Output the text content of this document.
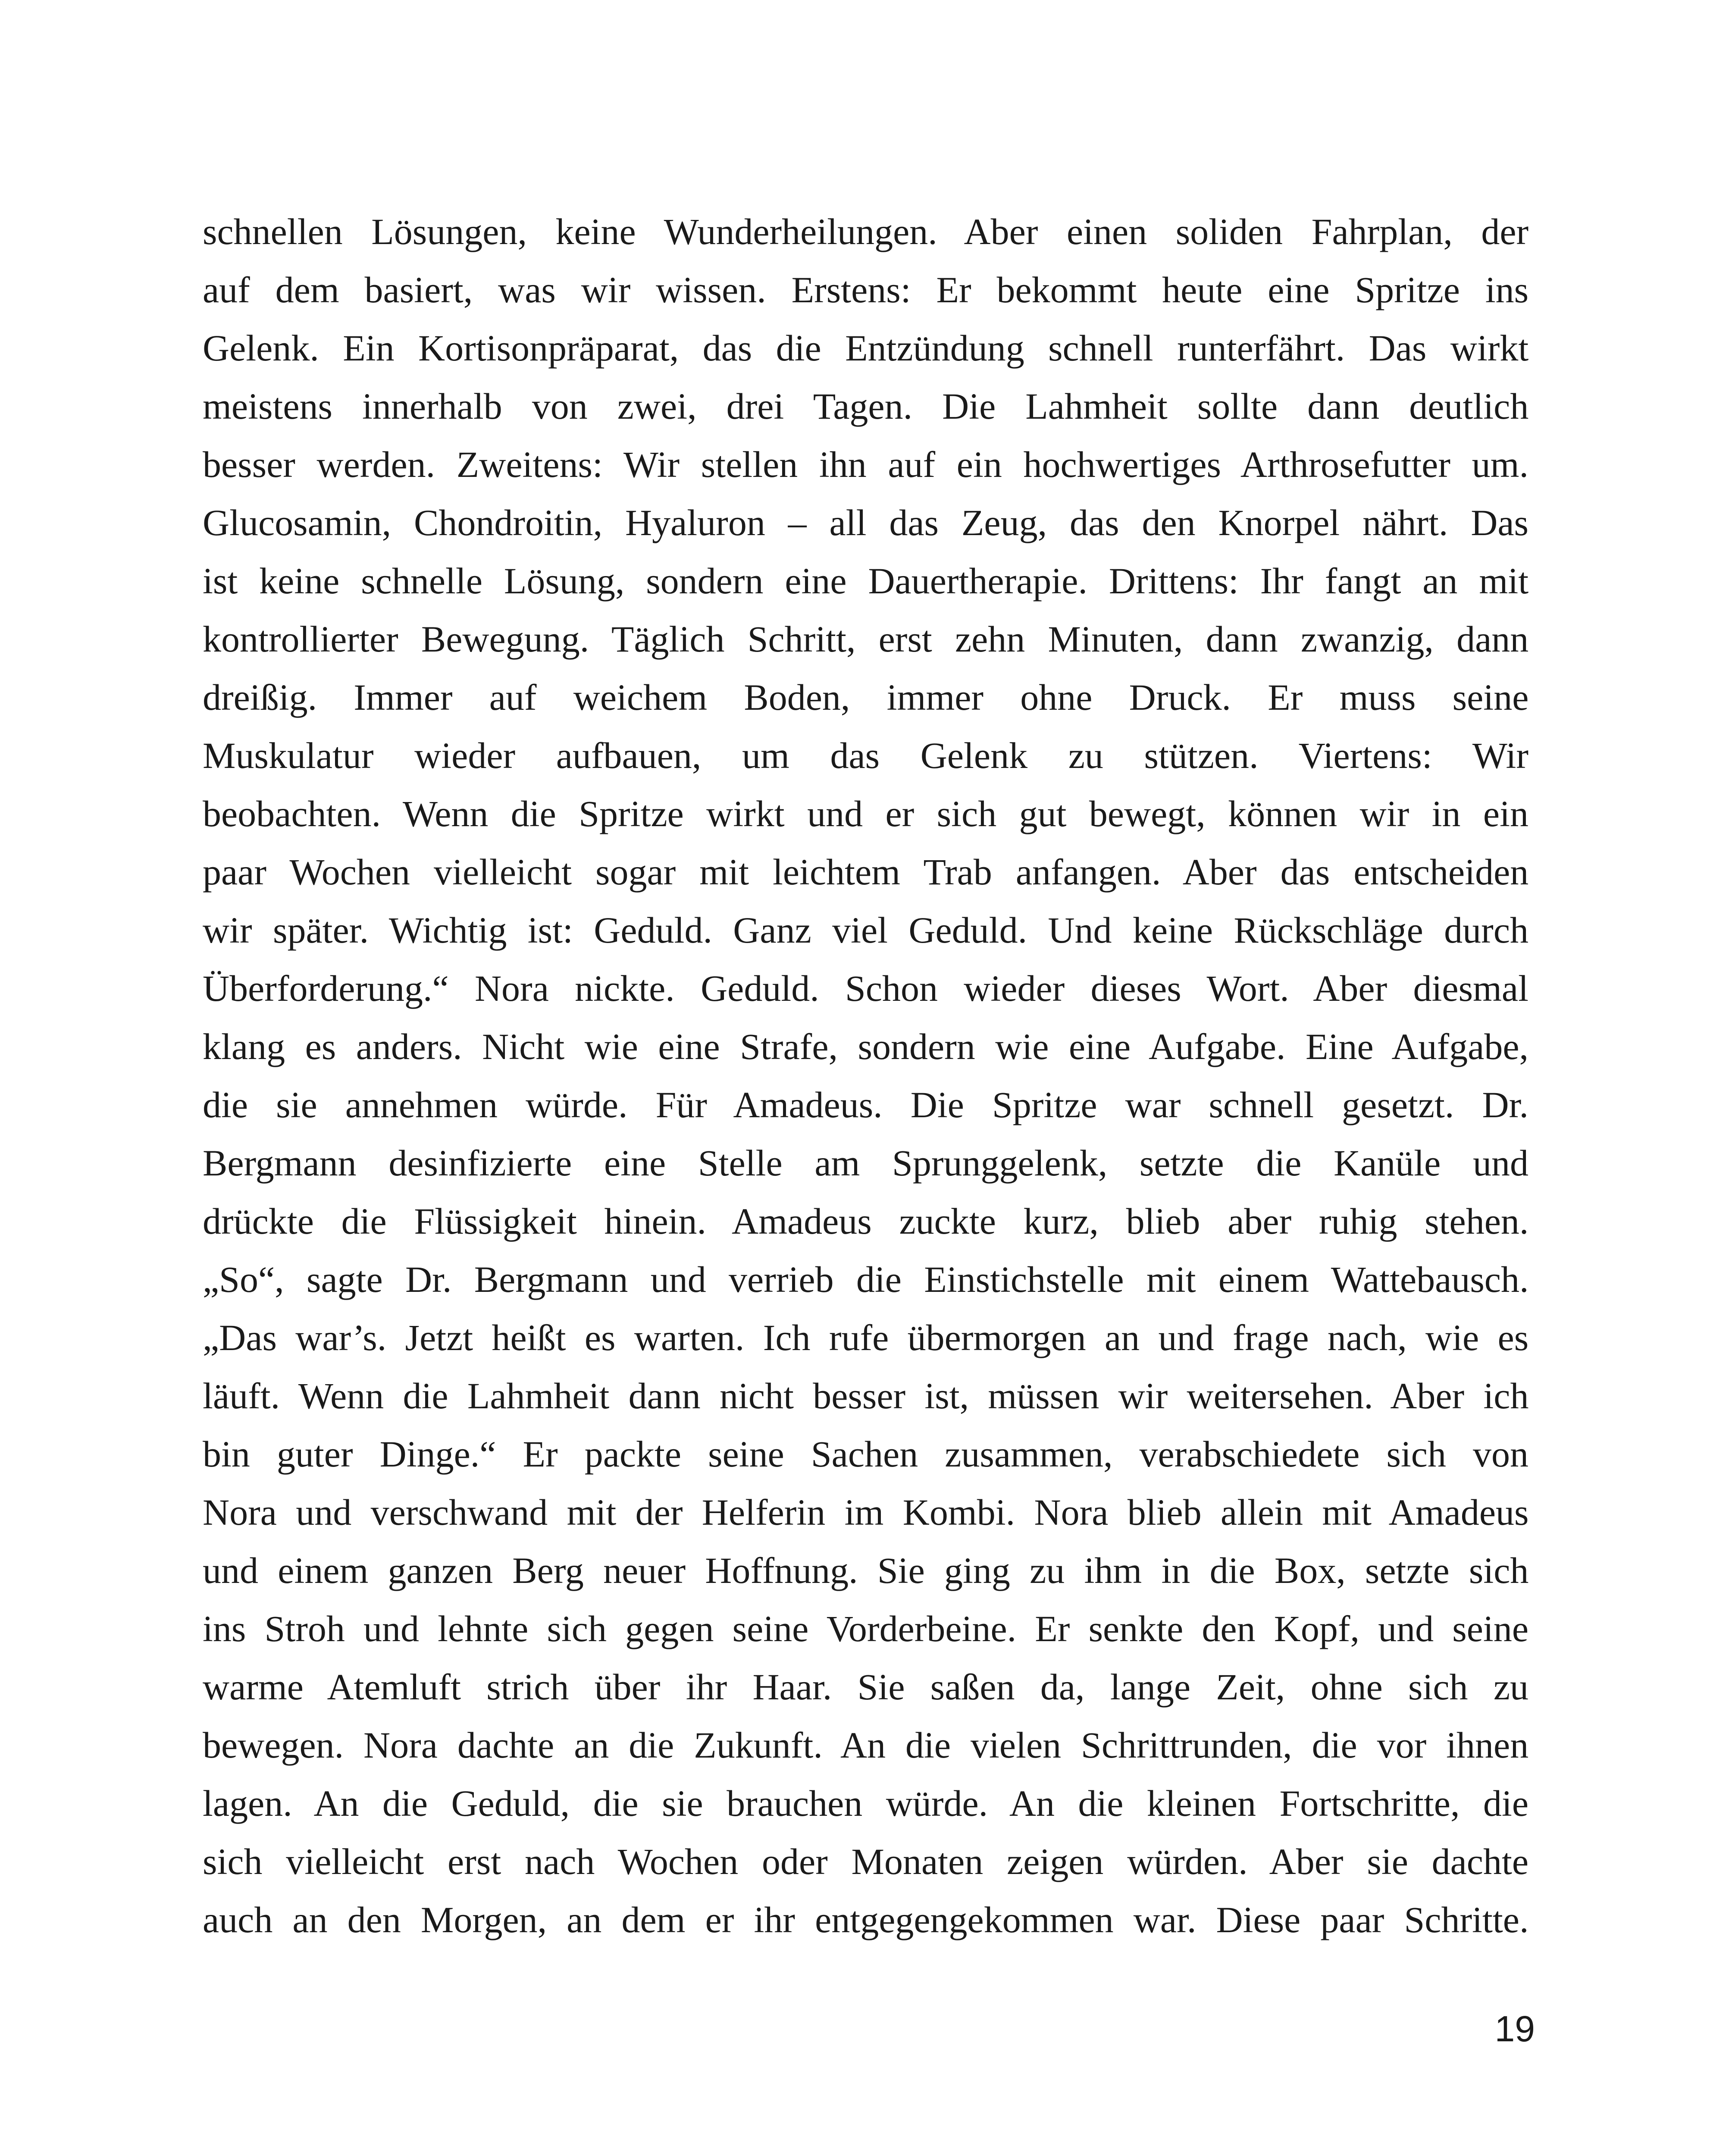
schnellen Lösungen, keine Wunderheilungen. Aber einen soliden Fahrplan, der
auf dem basiert, was wir wissen. Erstens: Er bekommt heute eine Spritze ins
Gelenk. Ein Kortisonpräparat, das die Entzündung schnell runterfährt. Das wirkt
meistens innerhalb von zwei, drei Tagen. Die Lahmheit sollte dann deutlich
besser werden. Zweitens: Wir stellen ihn auf ein hochwertiges Arthrosefutter um.
Glucosamin, Chondroitin, Hyaluron – all das Zeug, das den Knorpel nährt. Das
ist keine schnelle Lösung, sondern eine Dauertherapie. Drittens: Ihr fangt an mit
kontrollierter Bewegung. Täglich Schritt, erst zehn Minuten, dann zwanzig, dann
dreißig. Immer auf weichem Boden, immer ohne Druck. Er muss seine
Muskulatur wieder aufbauen, um das Gelenk zu stützen. Viertens: Wir
beobachten. Wenn die Spritze wirkt und er sich gut bewegt, können wir in ein
paar Wochen vielleicht sogar mit leichtem Trab anfangen. Aber das entscheiden
wir später. Wichtig ist: Geduld. Ganz viel Geduld. Und keine Rückschläge durch
Überforderung.“ Nora nickte. Geduld. Schon wieder dieses Wort. Aber diesmal
klang es anders. Nicht wie eine Strafe, sondern wie eine Aufgabe. Eine Aufgabe,
die sie annehmen würde. Für Amadeus. Die Spritze war schnell gesetzt. Dr.
Bergmann desinfizierte eine Stelle am Sprunggelenk, setzte die Kanüle und
drückte die Flüssigkeit hinein. Amadeus zuckte kurz, blieb aber ruhig stehen.
„So“, sagte Dr. Bergmann und verrieb die Einstichstelle mit einem Wattebausch.
„Das war’s. Jetzt heißt es warten. Ich rufe übermorgen an und frage nach, wie es
läuft. Wenn die Lahmheit dann nicht besser ist, müssen wir weitersehen. Aber ich
bin guter Dinge.“ Er packte seine Sachen zusammen, verabschiedete sich von
Nora und verschwand mit der Helferin im Kombi. Nora blieb allein mit Amadeus
und einem ganzen Berg neuer Hoffnung. Sie ging zu ihm in die Box, setzte sich
ins Stroh und lehnte sich gegen seine Vorderbeine. Er senkte den Kopf, und seine
warme Atemluft strich über ihr Haar. Sie saßen da, lange Zeit, ohne sich zu
bewegen. Nora dachte an die Zukunft. An die vielen Schrittrunden, die vor ihnen
lagen. An die Geduld, die sie brauchen würde. An die kleinen Fortschritte, die
sich vielleicht erst nach Wochen oder Monaten zeigen würden. Aber sie dachte
auch an den Morgen, an dem er ihr entgegengekommen war. Diese paar Schritte.
19
